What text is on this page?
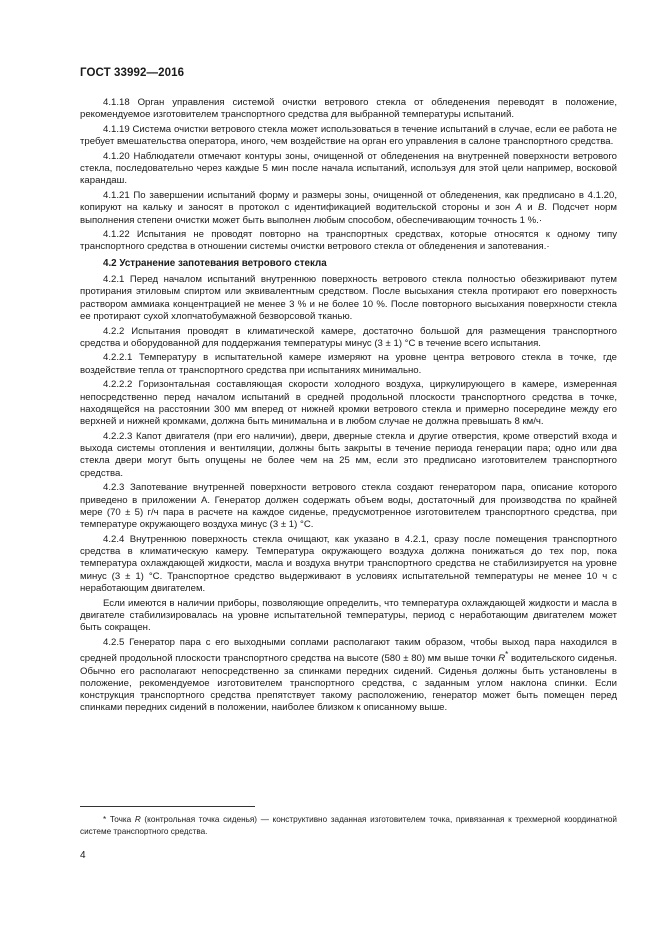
ГОСТ 33992—2016

4.1.18 Орган управления системой очистки ветрового стекла от обледенения переводят в положение, рекомендуемое изготовителем транспортного средства для выбранной температуры испытаний.

4.1.19 Система очистки ветрового стекла может использоваться в течение испытаний в случае, если ее работа не требует вмешательства оператора, иного, чем воздействие на орган его управления в салоне транспортного средства.

4.1.20 Наблюдатели отмечают контуры зоны, очищенной от обледенения на внутренней поверхности ветрового стекла, последовательно через каждые 5 мин после начала испытаний, используя для этой цели например, восковой карандаш.

4.1.21 По завершении испытаний форму и размеры зоны, очищенной от обледенения, как предписано в 4.1.20, копируют на кальку и заносят в протокол с идентификацией водительской стороны и зон A и B. Подсчет норм выполнения степени очистки может быть выполнен любым способом, обеспечивающим точность 1 %.·

4.1.22 Испытания не проводят повторно на транспортных средствах, которые относятся к одному типу транспортного средства в отношении системы очистки ветрового стекла от обледенения и запотевания.·

4.2 Устранение запотевания ветрового стекла

4.2.1 Перед началом испытаний внутреннюю поверхность ветрового стекла полностью обезжиривают путем протирания этиловым спиртом или эквивалентным средством. После высыхания стекла протирают его поверхность раствором аммиака концентрацией не менее 3 % и не более 10 %. После повторного высыхания поверхности стекла ее протирают сухой хлопчатобумажной безворсовой тканью.

4.2.2 Испытания проводят в климатической камере, достаточно большой для размещения транспортного средства и оборудованной для поддержания температуры минус (3 ± 1) °С в течение всего испытания.

4.2.2.1 Температуру в испытательной камере измеряют на уровне центра ветрового стекла в точке, где воздействие тепла от транспортного средства при испытаниях минимально.

4.2.2.2 Горизонтальная составляющая скорости холодного воздуха, циркулирующего в камере, измеренная непосредственно перед началом испытаний в средней продольной плоскости транспортного средства в точке, находящейся на расстоянии 300 мм вперед от нижней кромки ветрового стекла и примерно посередине между его верхней и нижней кромками, должна быть минимальна и в любом случае не должна превышать 8 км/ч.

4.2.2.3 Капот двигателя (при его наличии), двери, дверные стекла и другие отверстия, кроме отверстий входа и выхода системы отопления и вентиляции, должны быть закрыты в течение периода генерации пара; одно или два стекла двери могут быть опущены не более чем на 25 мм, если это предписано изготовителем транспортного средства.

4.2.3 Запотевание внутренней поверхности ветрового стекла создают генератором пара, описание которого приведено в приложении А. Генератор должен содержать объем воды, достаточный для производства по крайней мере (70 ± 5) г/ч пара в расчете на каждое сиденье, предусмотренное изготовителем транспортного средства, при температуре окружающего воздуха минус (3 ± 1) °С.

4.2.4 Внутреннюю поверхность стекла очищают, как указано в 4.2.1, сразу после помещения транспортного средства в климатическую камеру. Температура окружающего воздуха должна понижаться до тех пор, пока температура охлаждающей жидкости, масла и воздуха внутри транспортного средства не стабилизируется на уровне минус (3 ± 1) °С. Транспортное средство выдерживают в условиях испытательной температуры не менее 10 ч с неработающим двигателем.

Если имеются в наличии приборы, позволяющие определить, что температура охлаждающей жидкости и масла в двигателе стабилизировалась на уровне испытательной температуры, период с неработающим двигателем может быть сокращен.

4.2.5 Генератор пара с его выходными соплами располагают таким образом, чтобы выход пара находился в средней продольной плоскости транспортного средства на высоте (580 ± 80) мм выше точки R* водительского сиденья. Обычно его располагают непосредственно за спинками передних сидений. Сиденья должны быть установлены в положение, рекомендуемое изготовителем транспортного средства, с заданным углом наклона спинки. Если конструкция транспортного средства препятствует такому расположению, генератор может быть помещен перед спинками передних сидений в положении, наиболее близком к описанному выше.

* Точка R (контрольная точка сиденья) — конструктивно заданная изготовителем точка, привязанная к трехмерной координатной системе транспортного средства.

4
